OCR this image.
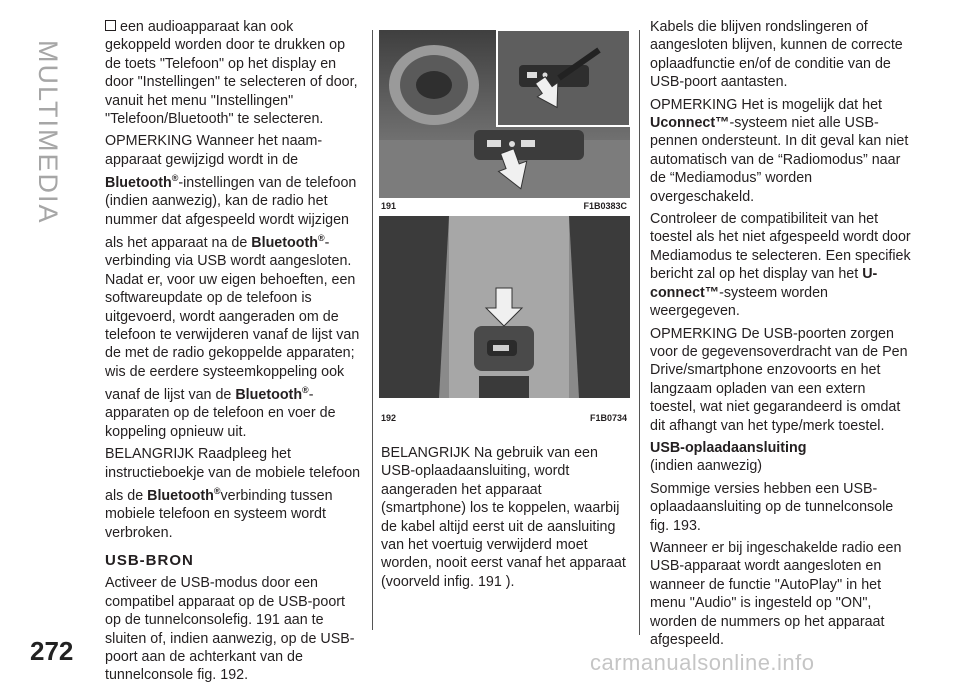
MULTIMEDIA

een audioapparaat kan ook gekoppeld worden door te drukken op de toets "Telefoon" op het display en door "Instellingen" te selecteren of door, vanuit het menu "Instellingen" "Telefoon/Bluetooth" te selecteren.

OPMERKING Wanneer het naam-apparaat gewijzigd wordt in de Bluetooth®-instellingen van de telefoon (indien aanwezig), kan de radio het nummer dat afgespeeld wordt wijzigen als het apparaat na de Bluetooth®-verbinding via USB wordt aangesloten. Nadat er, voor uw eigen behoeften, een softwareupdate op de telefoon is uitgevoerd, wordt aangeraden om de telefoon te verwijderen vanaf de lijst van de met de radio gekoppelde apparaten; wis de eerdere systeemkoppeling ook vanaf de lijst van de Bluetooth®-apparaten op de telefoon en voer de koppeling opnieuw uit.

BELANGRIJK Raadpleeg het instructieboekje van de mobiele telefoon als de Bluetooth®verbinding tussen mobiele telefoon en systeem wordt verbroken.

USB-BRON

Activeer de USB-modus door een compatibel apparaat op de USB-poort op de tunnelconsolefig. 191 aan te sluiten of, indien aanwezig, op de USB-poort aan de achterkant van de tunnelconsole fig. 192.

191	F1B0383C
192	F1B0734

BELANGRIJK Na gebruik van een USB-oplaadaansluiting, wordt aangeraden het apparaat (smartphone) los te koppelen, waarbij de kabel altijd eerst uit de aansluiting van het voertuig verwijderd moet worden, nooit eerst vanaf het apparaat (voorveld infig. 191 ).

Kabels die blijven rondslingeren of aangesloten blijven, kunnen de correcte oplaadfunctie en/of de conditie van de USB-poort aantasten.

OPMERKING Het is mogelijk dat het Uconnect™-systeem niet alle USB-pennen ondersteunt. In dit geval kan niet automatisch van de “Radiomodus” naar de “Mediamodus” worden overgeschakeld.

Controleer de compatibiliteit van het toestel als het niet afgespeeld wordt door Mediamodus te selecteren. Een specifiek bericht zal op het display van het U-connect™-systeem worden weergegeven.

OPMERKING De USB-poorten zorgen voor de gegevensoverdracht van de Pen Drive/smartphone enzovoorts en het langzaam opladen van een extern toestel, wat niet gegarandeerd is omdat dit afhangt van het type/merk toestel.

USB-oplaadaansluiting

(indien aanwezig)

Sommige versies hebben een USB-oplaadaansluiting op de tunnelconsole fig. 193.

Wanneer er bij ingeschakelde radio een USB-apparaat wordt aangesloten en wanneer de functie "AutoPlay" in het menu "Audio" is ingesteld op "ON", worden de nummers op het apparaat afgespeeld.

272	carmanualsonline.info
